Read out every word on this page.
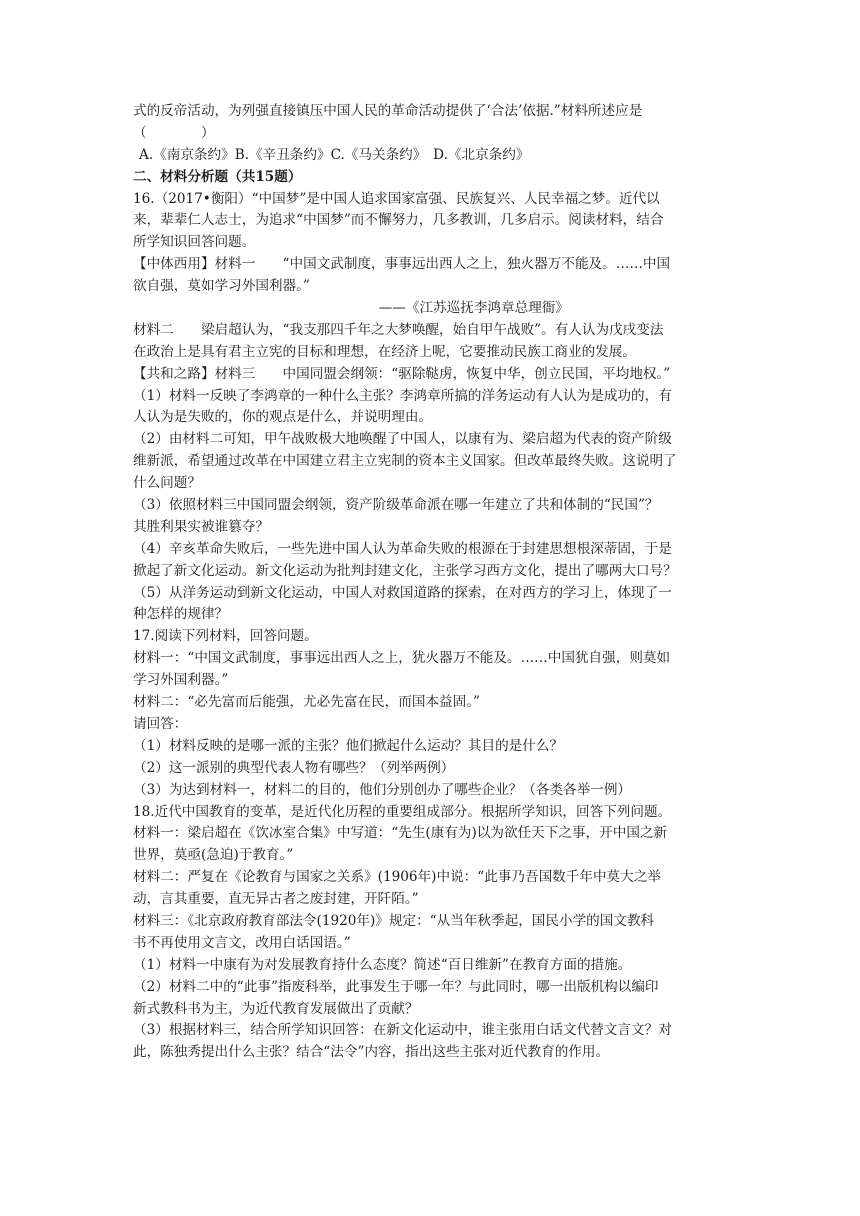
式的反帝活动，为列强直接镇压中国人民的革命活动提供了‘合法’依据.”材料所述应是
（　　　　）
A.《南京条约》B.《辛丑条约》C.《马关条约》　D.《北京条约》
二、材料分析题（共15题）
16.（2017•衡阳）“中国梦”是中国人追求国家富强、民族复兴、人民幸福之梦。近代以
来，辈辈仁人志士，为追求“中国梦”而不懈努力，几多教训，几多启示。阅读材料，结合
所学知识回答问题。
【中体西用】材料一　　“中国文武制度，事事远出西人之上，独火器万不能及。……中国
欲自强，莫如学习外国利器。”
——《江苏巡抚李鸿章总理衙》
材料二　　梁启超认为，“我支那四千年之大梦唤醒，始自甲午战败”。有人认为戊戌变法
在政治上是具有君主立宪的目标和理想，在经济上呢，它要推动民族工商业的发展。
【共和之路】材料三　　中国同盟会纲领：“驱除鞑虏，恢复中华，创立民国，平均地权。”
（1）材料一反映了李鸿章的一种什么主张？李鸿章所搞的洋务运动有人认为是成功的，有
人认为是失败的，你的观点是什么，并说明理由。
（2）由材料二可知，甲午战败极大地唤醒了中国人，以康有为、梁启超为代表的资产阶级
维新派，希望通过改革在中国建立君主立宪制的资本主义国家。但改革最终失败。这说明了
什么问题？
（3）依照材料三中国同盟会纲领，资产阶级革命派在哪一年建立了共和体制的“民国”？
其胜利果实被谁篡夺？
（4）辛亥革命失败后，一些先进中国人认为革命失败的根源在于封建思想根深蒂固，于是
掀起了新文化运动。新文化运动为批判封建文化，主张学习西方文化，提出了哪两大口号？
（5）从洋务运动到新文化运动，中国人对救国道路的探索，在对西方的学习上，体现了一
种怎样的规律？
17.阅读下列材料，回答问题。
材料一：“中国文武制度，事事远出西人之上，犹火器万不能及。……中国犹自强，则莫如
学习外国利器。”
材料二：“必先富而后能强，尤必先富在民，而国本益固。”
请回答：
（1）材料反映的是哪一派的主张？他们掀起什么运动？其目的是什么？
（2）这一派别的典型代表人物有哪些？（列举两例）
（3）为达到材料一，材料二的目的，他们分别创办了哪些企业？（各类各举一例）
18.近代中国教育的变革，是近代化历程的重要组成部分。根据所学知识，回答下列问题。
材料一：梁启超在《饮冰室合集》中写道：“先生(康有为)以为欲任天下之事，开中国之新
世界，莫亟(急迫)于教育。”
材料二：严复在《论教育与国家之关系》(1906年)中说：“此事乃吾国数千年中莫大之举
动，言其重要，直无异古者之废封建，开阡陌。”
材料三：《北京政府教育部法令(1920年)》规定：“从当年秋季起，国民小学的国文教科
书不再使用文言文，改用白话国语。”
（1）材料一中康有为对发展教育持什么态度？简述“百日维新”在教育方面的措施。
（2）材料二中的“此事”指废科举，此事发生于哪一年？与此同时，哪一出版机构以编印
新式教科书为主，为近代教育发展做出了贡献？
（3）根据材料三，结合所学知识回答：在新文化运动中，谁主张用白话文代替文言文？对
此，陈独秀提出什么主张？结合“法令”内容，指出这些主张对近代教育的作用。
